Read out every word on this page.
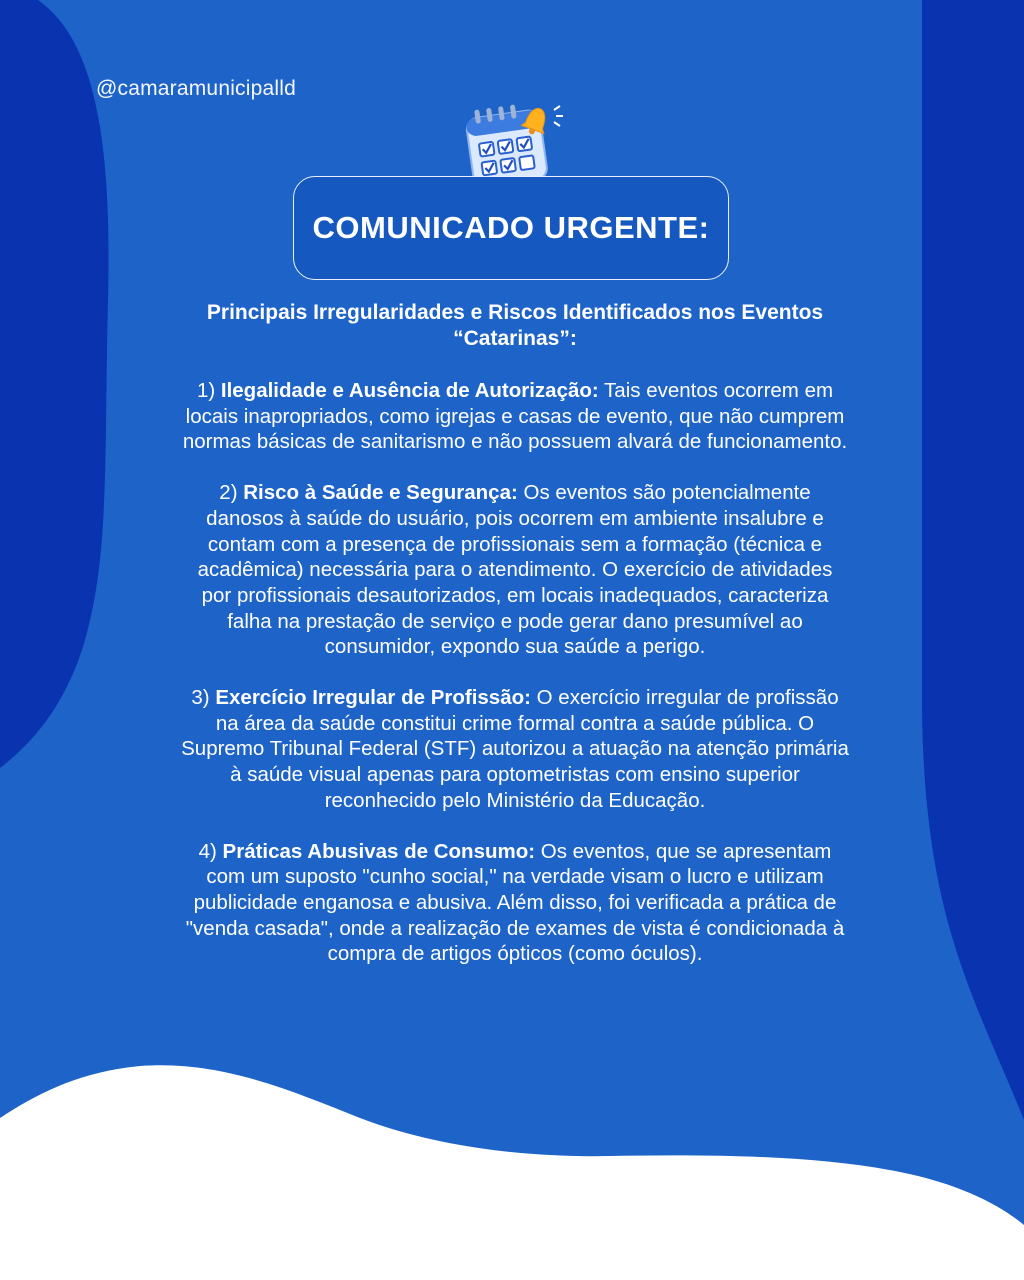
@camaramunicipalld
COMUNICADO URGENTE:
Principais Irregularidades e Riscos Identificados nos Eventos “Catarinas”:
1) Ilegalidade e Ausência de Autorização: Tais eventos ocorrem em locais inapropriados, como igrejas e casas de evento, que não cumprem normas básicas de sanitarismo e não possuem alvará de funcionamento.
2) Risco à Saúde e Segurança: Os eventos são potencialmente danosos à saúde do usuário, pois ocorrem em ambiente insalubre e contam com a presença de profissionais sem a formação (técnica e acadêmica) necessária para o atendimento. O exercício de atividades por profissionais desautorizados, em locais inadequados, caracteriza falha na prestação de serviço e pode gerar dano presumível ao consumidor, expondo sua saúde a perigo.
3) Exercício Irregular de Profissão: O exercício irregular de profissão na área da saúde constitui crime formal contra a saúde pública. O Supremo Tribunal Federal (STF) autorizou a atuação na atenção primária à saúde visual apenas para optometristas com ensino superior reconhecido pelo Ministério da Educação.
4) Práticas Abusivas de Consumo: Os eventos, que se apresentam com um suposto "cunho social," na verdade visam o lucro e utilizam publicidade enganosa e abusiva. Além disso, foi verificada a prática de "venda casada", onde a realização de exames de vista é condicionada à compra de artigos ópticos (como óculos).
